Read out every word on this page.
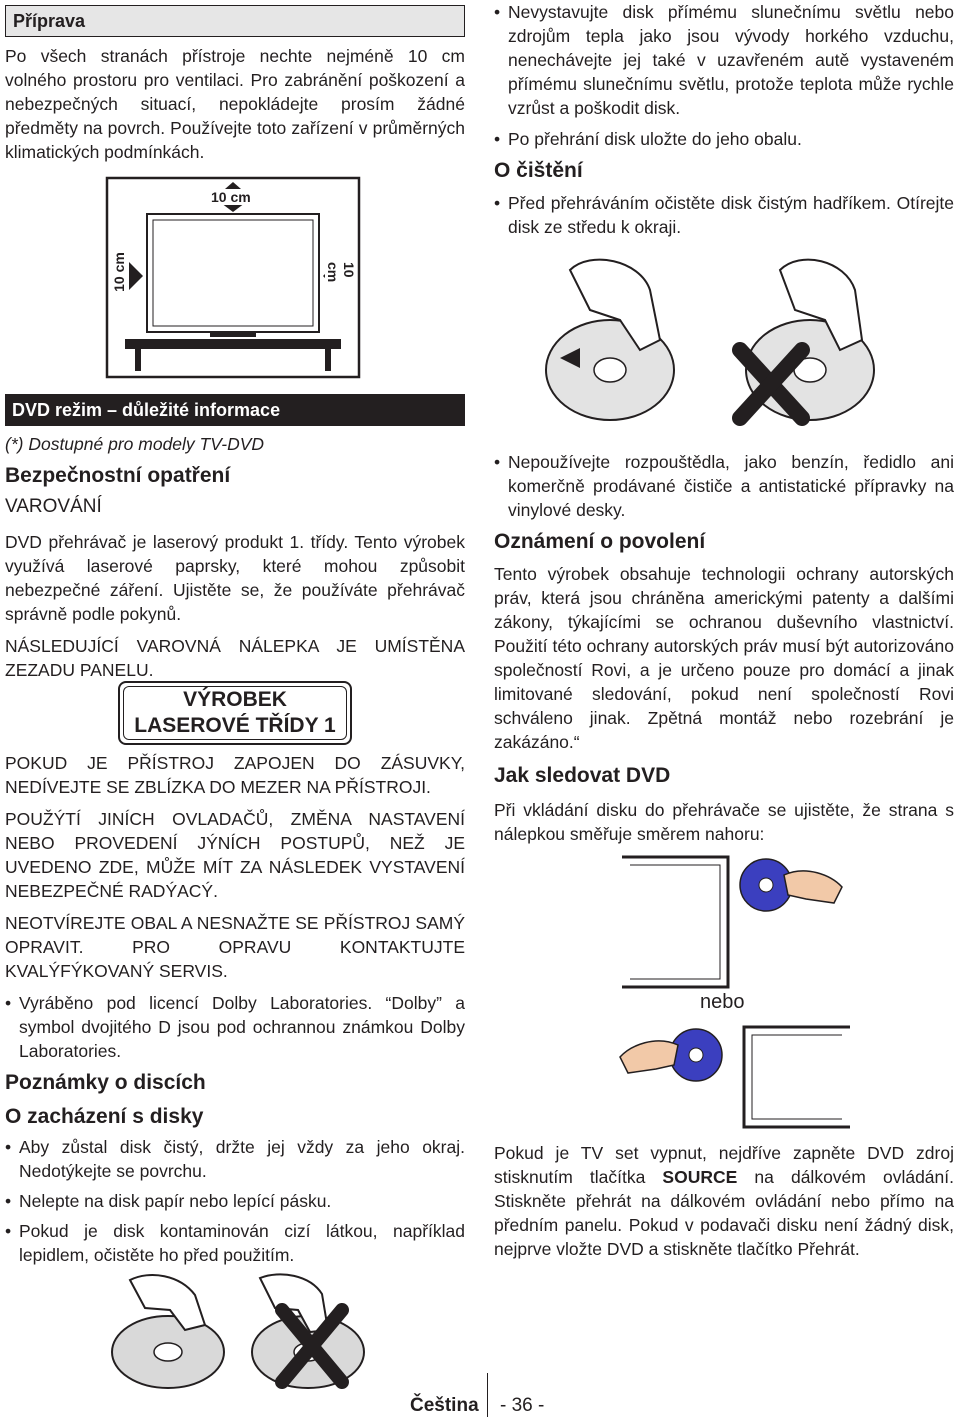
Příprava

Po všech stranách přístroje nechte nejméně 10 cm volného prostoru pro ventilaci. Pro zabránění poškození a nebezpečných situací, nepokládejte prosím žádné předměty na povrch. Používejte toto zařízení v průměrných klimatických podmínkách.

10 cm
10 cm	10 cm
DVD režim – důležité informace
(*) Dostupné pro modely TV-DVD
Bezpečnostní opatření
VAROVÁNÍ

DVD přehrávač je laserový produkt 1. třídy. Tento výrobek využívá laserové paprsky, které mohou způsobit nebezpečné záření. Ujistěte se, že používáte přehrávač správně podle pokynů.

NÁSLEDUJÍCÍ VAROVNÁ NÁLEPKA JE UMÍSTĚNA ZEZADU PANELU.

VÝROBEK
LASEROVÉ TŘÍDY 1

POKUD JE PŘÍSTROJ ZAPOJEN DO ZÁSUVKY, NEDÍVEJTE SE ZBLÍZKA DO MEZER NA PŘÍSTROJI.

POUŽÝTÍ JINÍCH OVLADAČŮ, ZMĚNA NASTAVENÍ NEBO PROVEDENÍ JÝNÍCH POSTUPŮ, NEŽ JE UVEDENO ZDE, MŮŽE MÍT ZA NÁSLEDEK VYSTAVENÍ NEBEZPEČNÉ RADÝACÝ.

NEOTVÍREJTE OBAL A NESNAŽTE SE PŘÍSTROJ SAMÝ OPRAVIT. PRO OPRAVU KONTAKTUJTE KVALÝFÝKOVANÝ SERVIS.

• Vyráběno pod licencí Dolby Laboratories. “Dolby” a symbol dvojitého D jsou pod ochrannou známkou Dolby Laboratories.
Poznámky o discích
O zacházení s disky
• Aby zůstal disk čistý, držte jej vždy za jeho okraj. Nedotýkejte se povrchu.
• Nelepte na disk papír nebo lepící pásku.
• Pokud je disk kontaminován cizí látkou, například lepidlem, očistěte ho před použitím.
• Nevystavujte disk přímému slunečnímu světlu nebo zdrojům tepla jako jsou vývody horkého vzduchu, nenechávejte jej také v uzavřeném autě vystaveném přímému slunečnímu světlu, protože teplota může rychle vzrůst a poškodit disk.
• Po přehrání disk uložte do jeho obalu.
O čištění
• Před přehráváním očistěte disk čistým hadříkem. Otírejte disk ze středu k okraji.
• Nepoužívejte rozpouštědla, jako benzín, ředidlo ani komerčně prodávané čističe a antistatické přípravky na vinylové desky.
Oznámení o povolení

Tento výrobek obsahuje technologii ochrany autorských práv, která jsou chráněna americkými patenty a dalšími zákony, týkajícími se ochranou duševního vlastnictví. Použití této ochrany autorských práv musí být autorizováno společností Rovi, a je určeno pouze pro domácí a jinak limitované sledování, pokud není společností Rovi schváleno jinak. Zpětná montáž nebo rozebrání je zakázáno.“

Jak sledovat DVD

Při vkládání disku do přehrávače se ujistěte, že strana s nálepkou směřuje směrem nahoru:

nebo

Pokud je TV set vypnut, nejdříve zapněte DVD zdroj stisknutím tlačítka SOURCE na dálkovém ovládání. Stiskněte přehrát na dálkovém ovládání nebo přímo na předním panelu. Pokud v podavači disku není žádný disk, nejprve vložte DVD a stiskněte tlačítko Přehrát.

Čeština - 36 -
